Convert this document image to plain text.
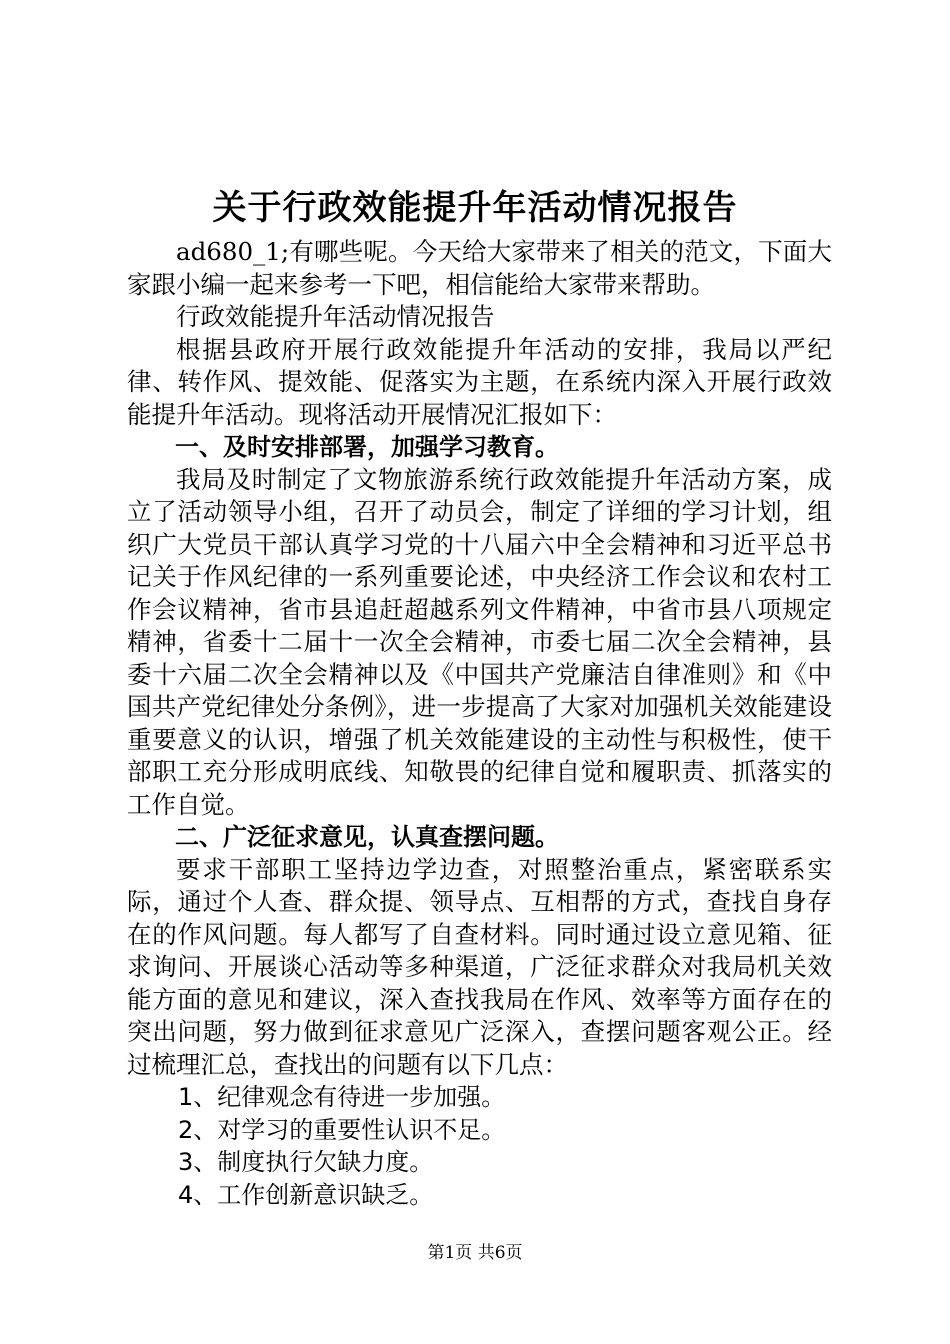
关于行政效能提升年活动情况报告

ad680_1;有哪些呢。今天给大家带来了相关的范文，下面大家跟小编一起来参考一下吧，相信能给大家带来帮助。

行政效能提升年活动情况报告

根据县政府开展行政效能提升年活动的安排，我局以严纪律、转作风、提效能、促落实为主题，在系统内深入开展行政效能提升年活动。现将活动开展情况汇报如下：

一、及时安排部署，加强学习教育。

我局及时制定了文物旅游系统行政效能提升年活动方案，成立了活动领导小组，召开了动员会，制定了详细的学习计划，组织广大党员干部认真学习党的十八届六中全会精神和习近平总书记关于作风纪律的一系列重要论述，中央经济工作会议和农村工作会议精神，省市县追赶超越系列文件精神，中省市县八项规定精神，省委十二届十一次全会精神，市委七届二次全会精神，县委十六届二次全会精神以及《中国共产党廉洁自律准则》和《中国共产党纪律处分条例》，进一步提高了大家对加强机关效能建设重要意义的认识，增强了机关效能建设的主动性与积极性，使干部职工充分形成明底线、知敬畏的纪律自觉和履职责、抓落实的工作自觉。

二、广泛征求意见，认真查摆问题。

要求干部职工坚持边学边查，对照整治重点，紧密联系实际，通过个人查、群众提、领导点、互相帮的方式，查找自身存在的作风问题。每人都写了自查材料。同时通过设立意见箱、征求询问、开展谈心活动等多种渠道，广泛征求群众对我局机关效能方面的意见和建议，深入查找我局在作风、效率等方面存在的突出问题，努力做到征求意见广泛深入，查摆问题客观公正。经过梳理汇总，查找出的问题有以下几点：

1、纪律观念有待进一步加强。

2、对学习的重要性认识不足。

3、制度执行欠缺力度。

4、工作创新意识缺乏。

第1页 共6页
